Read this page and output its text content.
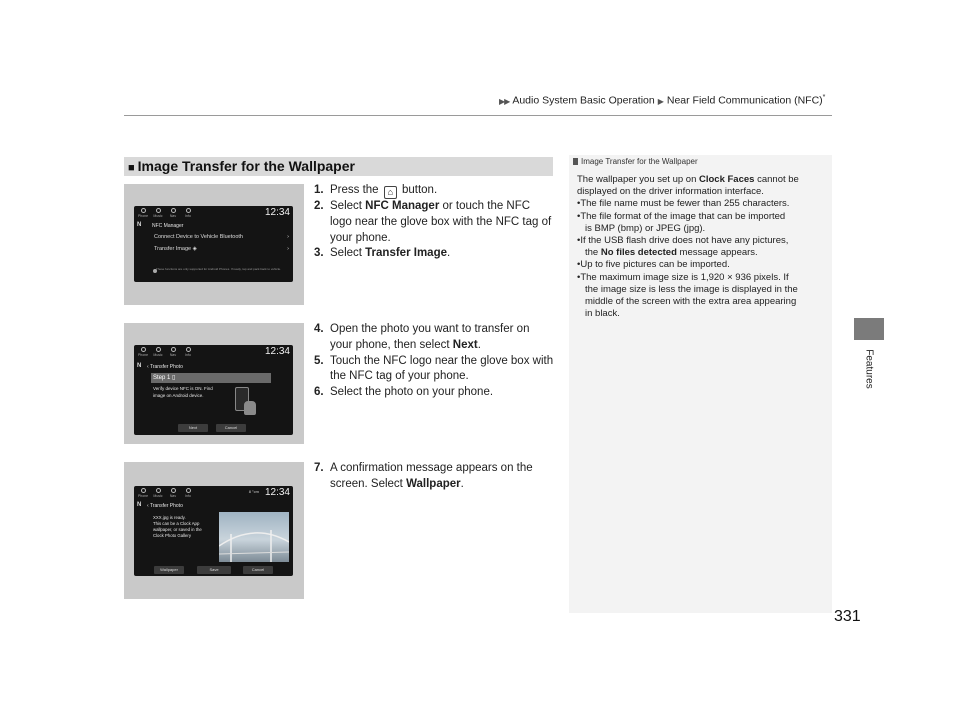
▶▶ Audio System Basic Operation ▶ Near Field Communication (NFC)*
Features
331
■ Image Transfer for the Wallpaper
Phone	Music	Nav	Info	12:34
N NFC Manager
Connect Device to Vehicle Bluetooth	›
Transfer Image ◈	›
These functions are only supported for Android Phones. If ready, tap and pack back to vehicle.
Phone	Music	Nav	Info	12:34
N ‹ Transfer Photo
Step 1 ▯
Verify device NFC is ON. Find
image on Android device.
Next	Cancel
Phone	Music	Nav	Info
8 °cm 12:34
N ‹ Transfer Photo
XXX.jpg is ready.
This can be a Clock App
wallpaper, or saved in the
Clock Photo Gallery
Wallpaper	Save	Cancel
1. Press the ⌂ button.
2. Select NFC Manager or touch the NFC
logo near the glove box with the NFC tag of
your phone.
3. Select Transfer Image.
4. Open the photo you want to transfer on
your phone, then select Next.
5. Touch the NFC logo near the glove box with
the NFC tag of your phone.
6. Select the photo on your phone.
7. A confirmation message appears on the
screen. Select Wallpaper.
Image Transfer for the Wallpaper

The wallpaper you set up on Clock Faces cannot be

displayed on the driver information interface.

•The file name must be fewer than 255 characters.

•The file format of the image that can be imported

is BMP (bmp) or JPEG (jpg).

•If the USB flash drive does not have any pictures,

the No files detected message appears.

•Up to five pictures can be imported.

•The maximum image size is 1,920 × 936 pixels. If

the image size is less the image is displayed in the

middle of the screen with the extra area appearing

in black.
